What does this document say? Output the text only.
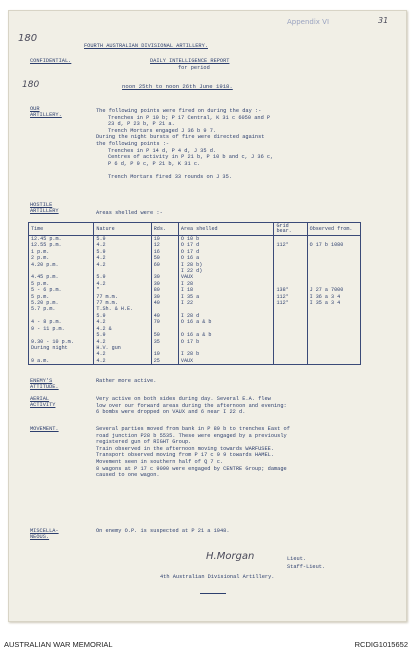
180
180
Appendix VI	31
FOURTH AUSTRALIAN DIVISIONAL ARTILLERY.
CONFIDENTIAL.	DAILY INTELLIGENCE REPORT
for period
noon 25th to noon 26th June 1918.
OUR ARTILLERY.
The following points were fired on during the day :-
Trenches in P 10 b; P 17 Central, K 31 c 6050 and P
23 d, P 23 b, P 21 a.
Trench Mortars engaged J 36 b 9 7.
During the night bursts of fire were directed against
the following points :-
Trenches in P 14 d, P 4 d, J 35 d.
Centres of activity in P 21 b, P 10 b and c, J 36 c,
P 6 d, P 9 c, P 21 b, K 31 c.
Trench Mortars fired 33 rounds on J 35.
HOSTILE ARTILLERY	Areas shelled were :-
Time	Nature	Rds.	Area shelled	Grid bear.	Observed from.
12.45 p.m.	5.9	10	O 10 b		
12.55 p.m.	4.2	12	O 17 d	112°	O 17 b 1080
1 p.m.	5.9	16	O 17 d		
2 p.m.	4.2	50	O 16 a		
4.20 p.m.	4.2	60	I 28 b)		
			I 22 d)		
4.45 p.m.	5.9	30	VAUX		
5 p.m.	4.2	30	I 28		
5 - 6 p.m.	"	80	I 18	138°	J 27 a 7000
5 p.m.	77 m.m.	30	I 35 a	112°	I 36 a 3 4
5.20 p.m.	77 m.m.	40	I 22	112°	I 35 a 3 4
5.7 p.m.	T.Sh. & H.E.				
	5.9	40	I 28 d		
4 - 8 p.m.	4.2	70	O 16 a & b		
9 - 11 p.m.	4.2 &				
	5.9	50	O 16 a & b		
9.30 - 10 p.m.	4.2	35	O 17 b		
During night	H.V. gun				
	4.2	10	I 28 b		
9 a.m.	4.2	25	VAUX		
ENEMY'S ATTITUDE.
Rather more active.
AERIAL ACTIVITY
Very active on both sides during day. Several E.A. flew
low over our forward areas during the afternoon and evening:
6 bombs were dropped on VAUX and 6 near I 22 d.
MOVEMENT.	Several parties moved from bank in P 89 b to trenches East of
road junction P28 b 5535. These were engaged by a previously
registered gun of RIGHT Group.
Train observed in the afternoon moving towards WARFUSEE.
Transport observed moving from P 17 c 9 9 towards HAMEL.
Movement seen in southern half of Q 7 c.
8 wagons at P 17 c 9090 were engaged by CENTRE Group; damage
caused to one wagon.
MISCELLA-NEOUS.
On enemy O.P. is suspected at P 21 a 1048.
H.Morgan	Lieut.
Staff-Lieut.
4th Australian Divisional Artillery.
AUSTRALIAN WAR MEMORIAL	RCDIG1015652
